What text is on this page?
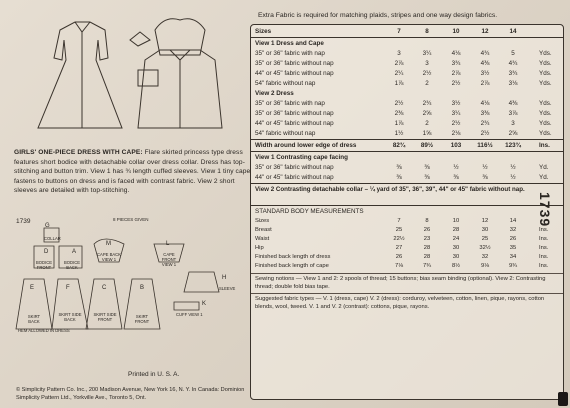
GIRLS' ONE-PIECE DRESS WITH CAPE: Flare skirted princess type dress features short bodice with detachable collar over dress collar. Dress has top-stitching and button trim. View 1 has ¾ length cuffed sleeves. View 1 tiny cape fastens to buttons on dress and is faced with contrast fabric. View 2 short sleeves are detailed with top-stitching.
1739	8 PIECES GIVEN
G
COLLAR
D
BODICE FRONT
A
BODICE BACK
M
CAPE BACK VIEW 1
L
CAPE FRONT VIEW 1
H
SLEEVE
E
SKIRT BACK
F
SKIRT SIDE BACK
C
SKIRT SIDE FRONT
B
SKIRT FRONT
K
CUFF VIEW 1
HEM ALLOWED IN DRESS
Printed in U. S. A.
© Simplicity Pattern Co. Inc., 200 Madison Avenue, New York 16, N. Y. In Canada: Dominion Simplicity Pattern Ltd., Yorkville Ave., Toronto 5, Ont.
Extra Fabric is required for matching plaids, stripes and one way design fabrics.
Sizes	7	8	10	12	14
View 1 Dress and Cape
35" or 36" fabric with nap	3	3¼	4⅛	4¾	5	Yds.
35" or 36" fabric without nap	2⅞	3	3¾	4⅜	4¾	Yds.
44" or 45" fabric without nap	2¼	2½	2⅞	3½	3¾	Yds.
54" fabric without nap	1⅞	2	2½	2⅞	3⅛	Yds.
View 2 Dress
35" or 36" fabric with nap	2½	2¾	3½	4⅛	4⅜	Yds.
35" or 36" fabric without nap	2⅜	2⅝	3¼	3⅜	3⅞	Yds.
44" or 45" fabric without nap	1⅞	2	2½	2¾	3	Yds.
54" fabric without nap	1½	1⅝	2⅛	2½	2⅝	Yds.
Width around lower edge of dress	82¾	89½	103	116½	123¾	Ins.
View 1 Contrasting cape facing
35" or 36" fabric without nap	⅜	⅜	½	½	½	Yd.
44" or 45" fabric without nap	⅜	⅜	⅜	⅜	½	Yd.
View 2 Contrasting detachable collar – ¼ yard of 35", 36", 39", 44" or 45" fabric without nap.
STANDARD BODY MEASUREMENTS
Sizes	7	8	10	12	14
Breast	25	26	28	30	32	Ins.
Waist	22½	23	24	25	26	Ins.
Hip	27	28	30	32½	35	Ins.
Finished back length of dress	26	28	30	32	34	Ins.
Finished back length of cape	7⅛	7¾	8½	9⅛	9¾	Ins.
Sewing notions — View 1 and 2: 2 spools of thread; 15 buttons; bias seam binding (optional). View 2: Contrasting thread; double fold bias tape.
Suggested fabric types — V. 1 (dress, cape) V. 2 (dress): corduroy, velveteen, cotton, linen, pique, rayons, cotton blends, wool, tweed. V. 1 and V. 2 (contrast): cottons, pique, rayons.
1739
